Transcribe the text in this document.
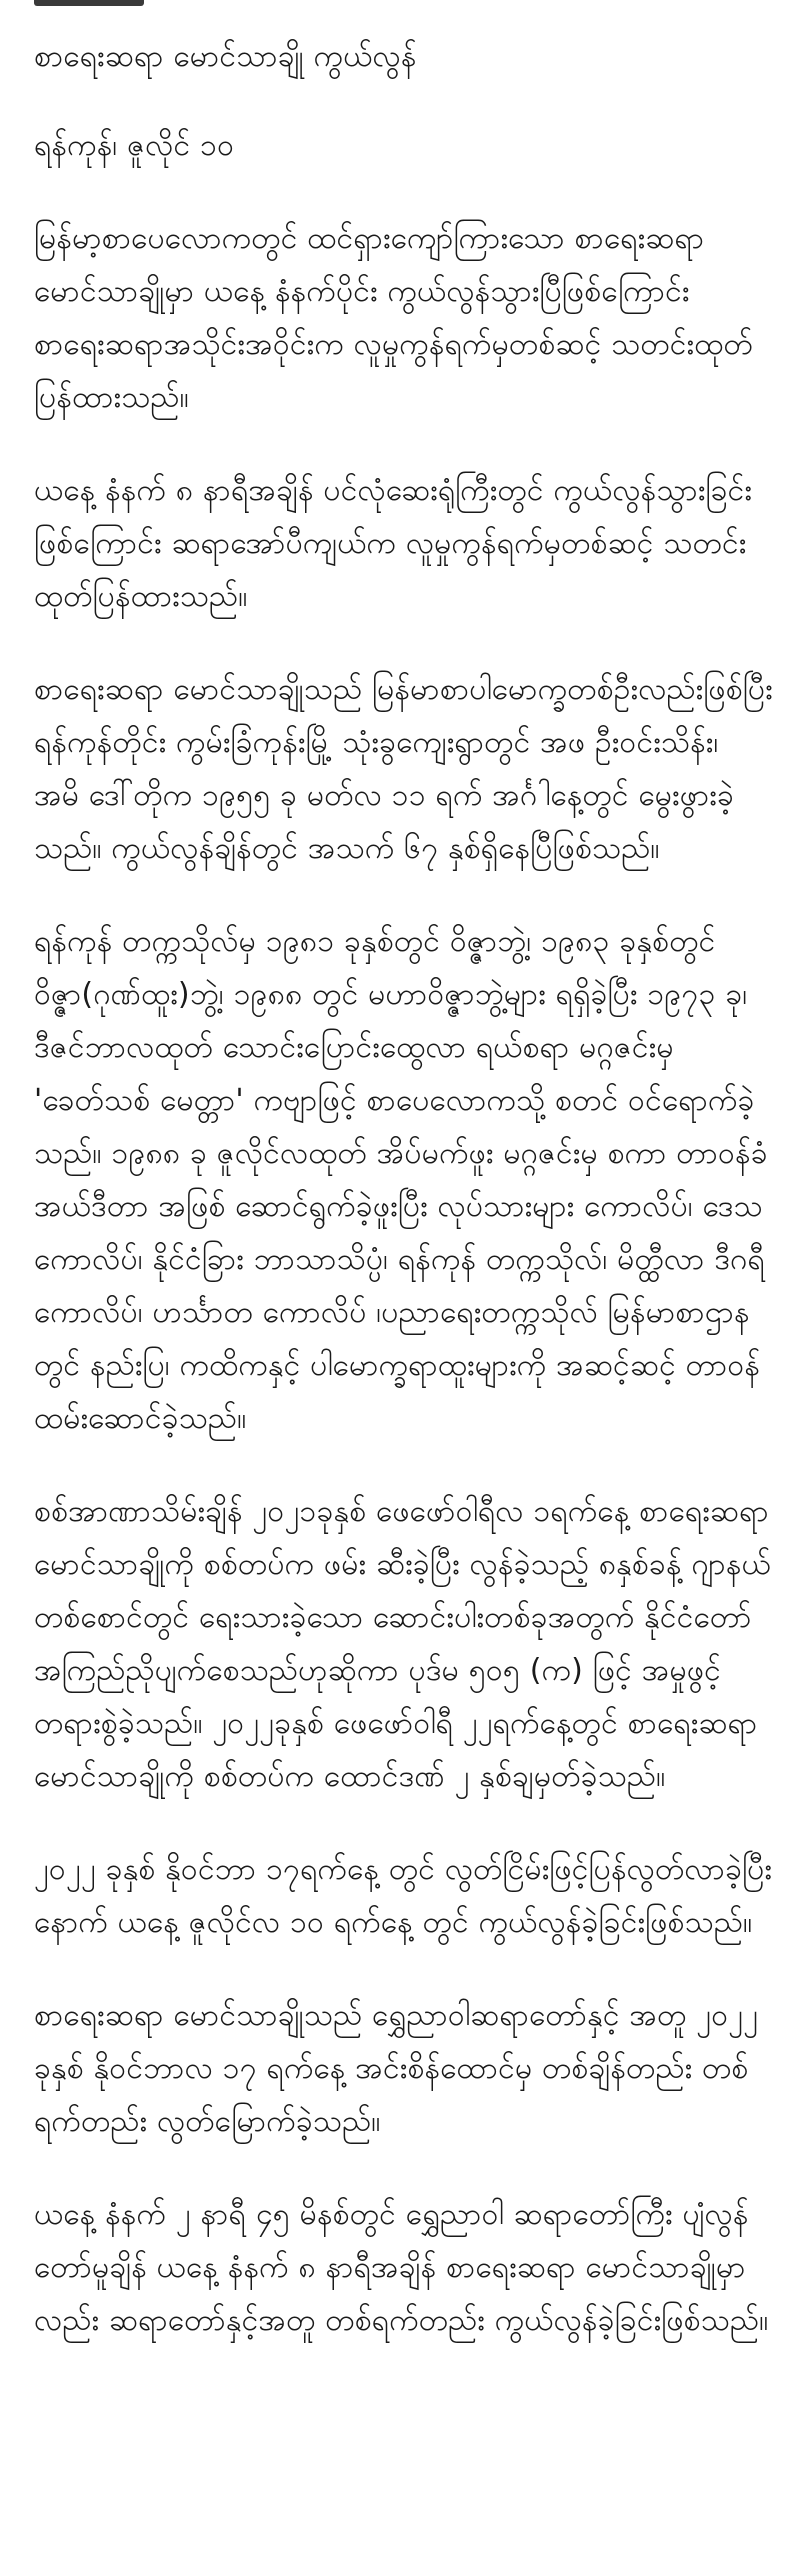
စာရေးဆရာ မောင်သာချို ကွယ်လွန်

ရန်ကုန်၊ ဇူလိုင် ၁၀

မြန်မာ့စာပေလောကတွင် ထင်ရှားကျော်ကြားသော စာရေးဆရာ မောင်သာချိုမှာ ယနေ့ နံနက်ပိုင်း ကွယ်လွန်သွားပြီဖြစ်ကြောင်း စာရေးဆရာအသိုင်းအဝိုင်းက လူမှုကွန်ရက်မှတစ်ဆင့် သတင်းထုတ်ပြန်ထားသည်။

ယနေ့ နံနက် ၈ နာရီအချိန် ပင်လုံဆေးရုံကြီးတွင် ကွယ်လွန်သွားခြင်းဖြစ်ကြောင်း ဆရာအော်ပီကျယ်က လူမှုကွန်ရက်မှတစ်ဆင့် သတင်းထုတ်ပြန်ထားသည်။

စာရေးဆရာ မောင်သာချိုသည် မြန်မာစာပါမောက္ခတစ်ဦးလည်းဖြစ်ပြီး ရန်ကုန်တိုင်း ကွမ်းခြံကုန်းမြို့ သုံးခွကျေးရွာတွင် အဖ ဦးဝင်းသိန်း၊ အမိ ဒေါ်တိုက ၁၉၅၅ ခု မတ်လ ၁၁ ရက် အင်္ဂါနေ့တွင် မွေးဖွားခဲ့သည်။ ကွယ်လွန်ချိန်တွင် အသက် ၆၇ နှစ်ရှိနေပြီဖြစ်သည်။

ရန်ကုန် တက္ကသိုလ်မှ ၁၉၈၁ ခုနှစ်တွင် ဝိဇ္ဇာဘွဲ့၊ ၁၉၈၃ ခုနှစ်တွင် ဝိဇ္ဇာ(ဂုဏ်ထူး)ဘွဲ့၊ ၁၉၈၈ တွင် မဟာဝိဇ္ဇာဘွဲ့များ ရရှိခဲ့ပြီး ၁၉၇၃ ခု၊ ဒီဇင်ဘာလထုတ် သောင်းပြောင်းထွေလာ ရယ်စရာ မဂ္ဂဇင်းမှ 'ခေတ်သစ် မေတ္တာ' ကဗျာဖြင့် စာပေလောကသို့ စတင် ဝင်ရောက်ခဲ့သည်။ ၁၉၈၈ ခု ဇူလိုင်လထုတ် အိပ်မက်ဖူး မဂ္ဂဇင်းမှ စကာ တာဝန်ခံ အယ်ဒီတာ အဖြစ် ဆောင်ရွက်ခဲ့ဖူးပြီး လုပ်သားများ ကောလိပ်၊ ဒေသကောလိပ်၊ နိုင်ငံခြား ဘာသာသိပ္ပံ၊ ရန်ကုန် တက္ကသိုလ်၊ မိတ္ထီလာ ဒီဂရီ ကောလိပ်၊ ဟင်္သာတ ကောလိပ် ၊ပညာရေးတက္ကသိုလ် မြန်မာစာဌာနတွင် နည်းပြ၊ ကထိကနှင့် ပါမောက္ခရာထူးများကို အဆင့်ဆင့် တာဝန်ထမ်းဆောင်ခဲ့သည်။

စစ်အာဏာသိမ်းချိန် ၂၀၂၁ခုနှစ် ဖေဖော်ဝါရီလ ၁ရက်နေ့ စာရေးဆရာ မောင်သာချိုကို စစ်တပ်က ဖမ်း ဆီးခဲ့ပြီး လွန်ခဲ့သည့် ၈နှစ်ခန့် ဂျာနယ်တစ်စောင်တွင် ရေးသားခဲ့သော ဆောင်းပါးတစ်ခုအတွက် နိုင်ငံတော် အကြည်ညိုပျက်စေသည်ဟုဆိုကာ ပုဒ်မ ၅၀၅ (က) ဖြင့် အမှုဖွင့်တရားစွဲခဲ့သည်။ ၂၀၂၂ခုနှစ် ဖေဖော်ဝါရီ ၂၂ရက်နေ့တွင် စာရေးဆရာ မောင်သာချိုကို စစ်တပ်က ထောင်ဒဏ် ၂ နှစ်ချမှတ်ခဲ့သည်။

၂၀၂၂ ခုနှစ် နိုဝင်ဘာ ၁၇ရက်နေ့ တွင် လွတ်ငြိမ်းဖြင့်ပြန်လွတ်လာခဲ့ပြီးနောက် ယနေ့ ဇူလိုင်လ ၁၀ ရက်နေ့ တွင် ကွယ်လွန်ခဲ့ခြင်းဖြစ်သည်။

စာရေးဆရာ မောင်သာချိုသည် ရွှေညာဝါဆရာတော်နှင့် အတူ ၂၀၂၂ ခုနှစ် နိုဝင်ဘာလ ၁၇ ရက်နေ့ အင်းစိန်ထောင်မှ တစ်ချိန်တည်း တစ်ရက်တည်း လွတ်မြောက်ခဲ့သည်။

ယနေ့ နံနက် ၂ နာရီ ၄၅ မိနစ်တွင် ရွှေညာဝါ ဆရာတော်ကြီး ပျံလွန်တော်မူချိန် ယနေ့ နံနက် ၈ နာရီအချိန် စာရေးဆရာ မောင်သာချိုမှာလည်း ဆရာတော်နှင့်အတူ တစ်ရက်တည်း ကွယ်လွန်ခဲ့ခြင်းဖြစ်သည်။
